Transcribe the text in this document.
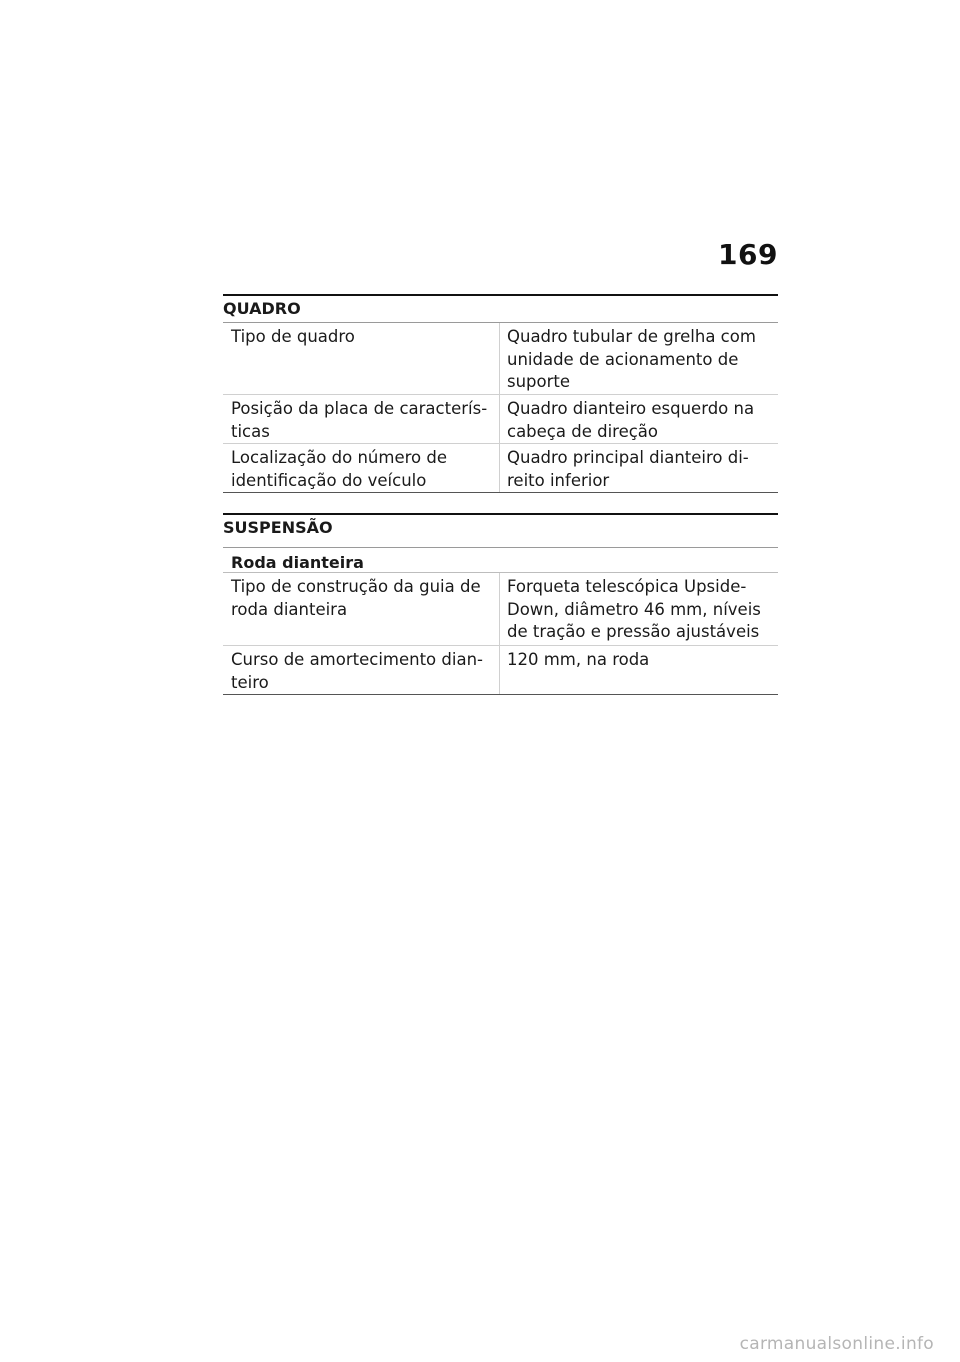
169
QUADRO
Tipo de quadro	Quadro tubular de grelha com
unidade de acionamento de
suporte
Posição da placa de caracterís-
ticas
Quadro dianteiro esquerdo na
cabeça de direção
Localização do número de
identificação do veículo
Quadro principal dianteiro di-
reito inferior
SUSPENSÃO
Roda dianteira
Tipo de construção da guia de
roda dianteira
Forqueta telescópica Upside-
Down, diâmetro 46 mm, níveis
de tração e pressão ajustáveis
Curso de amortecimento dian-
teiro
120 mm, na roda
carmanualsonline.info
